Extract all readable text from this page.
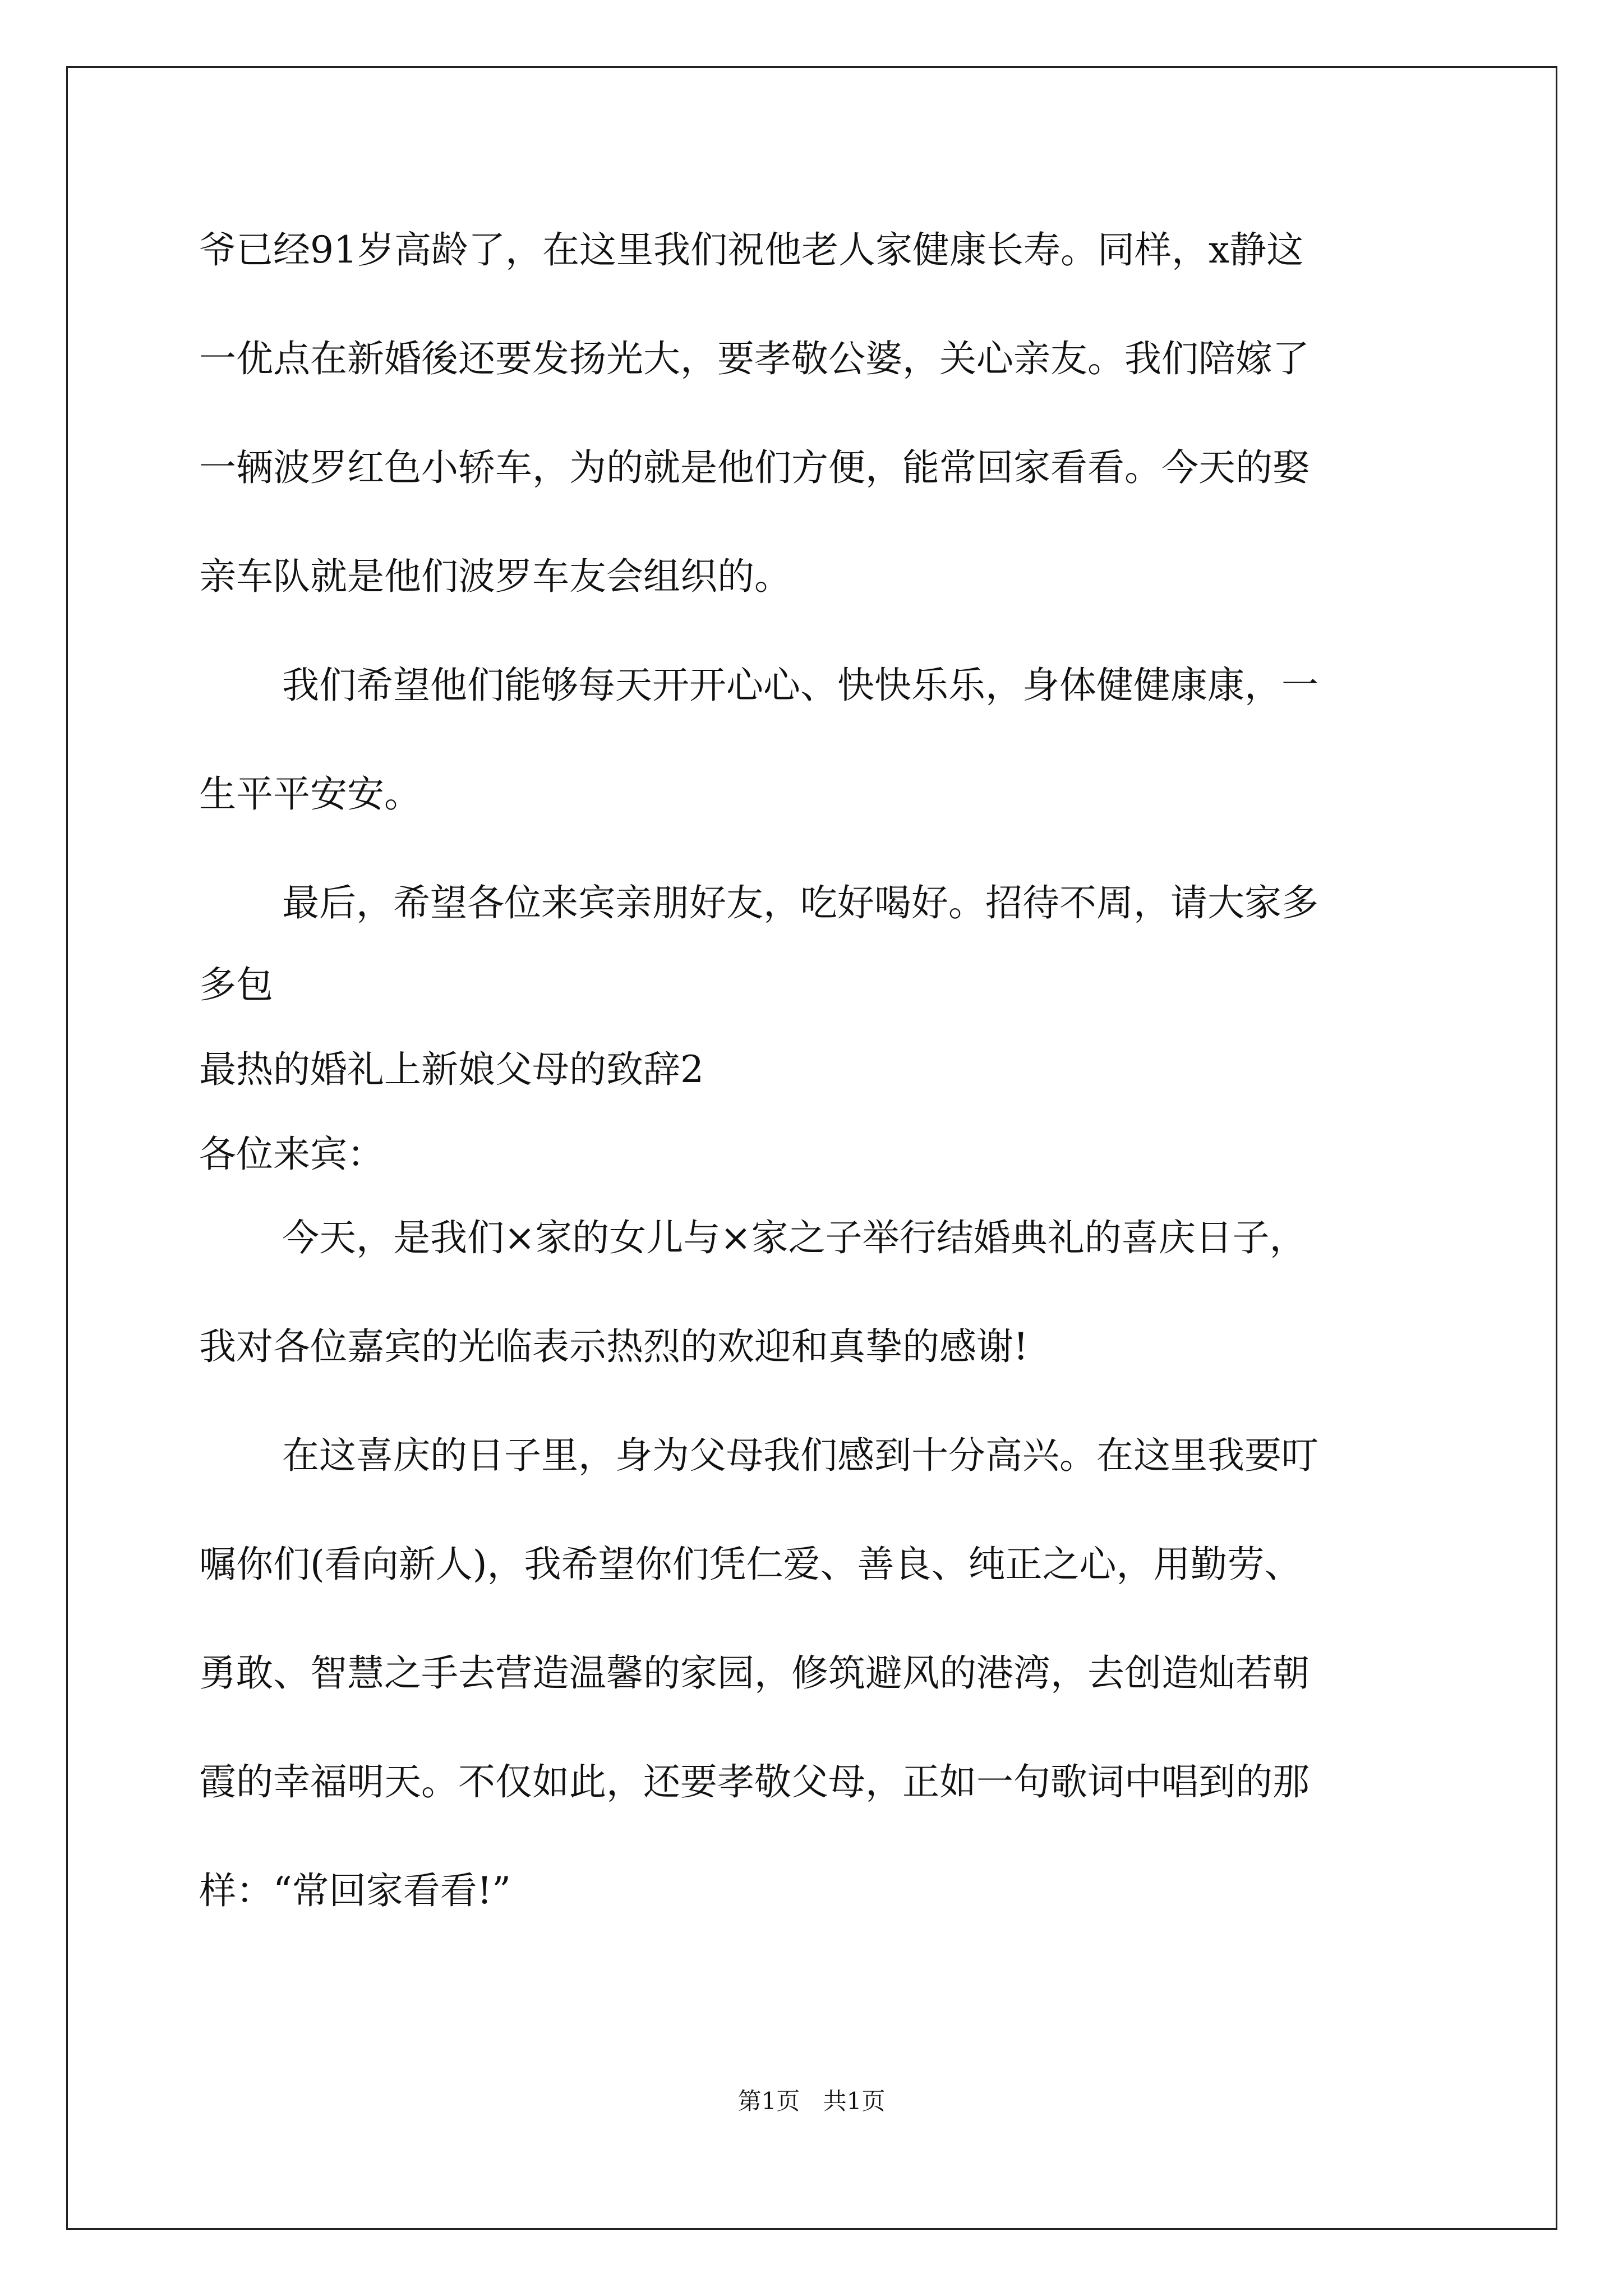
爷已经91岁高龄了，在这里我们祝他老人家健康长寿。同样，x静这
一优点在新婚後还要发扬光大，要孝敬公婆，关心亲友。我们陪嫁了
一辆波罗红色小轿车，为的就是他们方便，能常回家看看。今天的娶
亲车队就是他们波罗车友会组织的。
我们希望他们能够每天开开心心、快快乐乐，身体健健康康，一
生平平安安。
最后，希望各位来宾亲朋好友，吃好喝好。招待不周，请大家多
多包
最热的婚礼上新娘父母的致辞2
各位来宾：
今天，是我们×家的女儿与×家之子举行结婚典礼的喜庆日子，
我对各位嘉宾的光临表示热烈的欢迎和真挚的感谢!
在这喜庆的日子里，身为父母我们感到十分高兴。在这里我要叮
嘱你们(看向新人)，我希望你们凭仁爱、善良、纯正之心，用勤劳、
勇敢、智慧之手去营造温馨的家园，修筑避风的港湾，去创造灿若朝
霞的幸福明天。不仅如此，还要孝敬父母，正如一句歌词中唱到的那
样：“常回家看看!”
第1页 共1页
